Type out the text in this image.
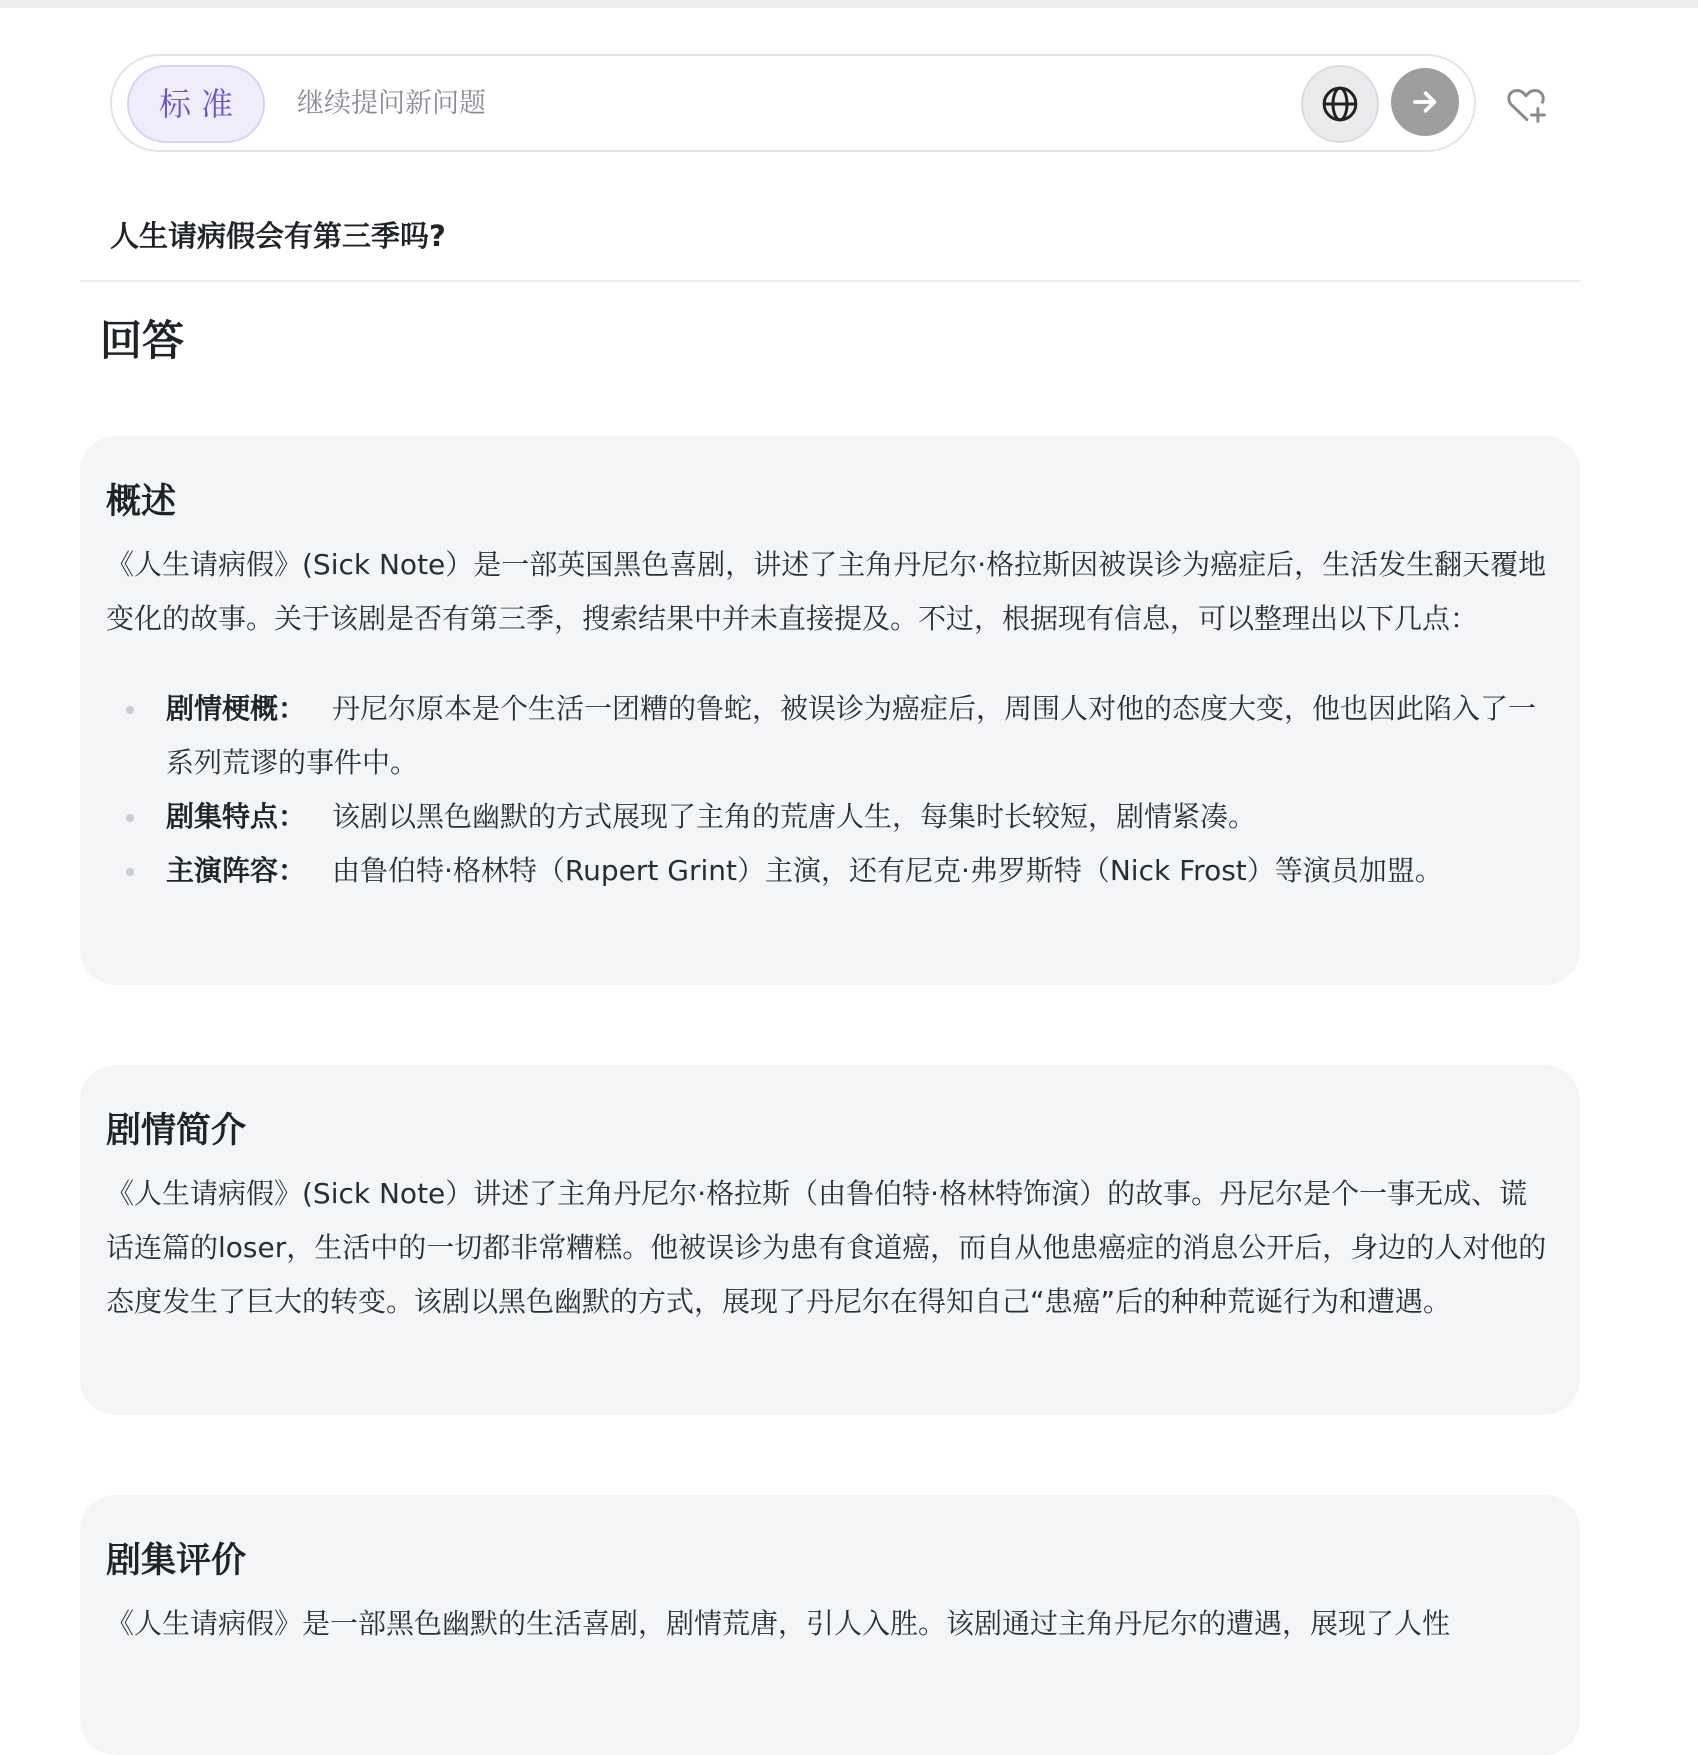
标准
继续提问新问题
人生请病假会有第三季吗?
回答
概述

《人生请病假》(Sick Note）是一部英国黑色喜剧，讲述了主角丹尼尔·格拉斯因被误诊为癌症后，生活发生翻天覆地变化的故事。关于该剧是否有第三季，搜索结果中并未直接提及。不过，根据现有信息，可以整理出以下几点：

剧情梗概： 丹尼尔原本是个生活一团糟的鲁蛇，被误诊为癌症后，周围人对他的态度大变，他也因此陷入了一系列荒谬的事件中。
剧集特点： 该剧以黑色幽默的方式展现了主角的荒唐人生，每集时长较短，剧情紧凑。
主演阵容： 由鲁伯特·格林特（Rupert Grint）主演，还有尼克·弗罗斯特（Nick Frost）等演员加盟。
剧情简介

《人生请病假》(Sick Note）讲述了主角丹尼尔·格拉斯（由鲁伯特·格林特饰演）的故事。丹尼尔是个一事无成、谎话连篇的loser，生活中的一切都非常糟糕。他被误诊为患有食道癌，而自从他患癌症的消息公开后，身边的人对他的态度发生了巨大的转变。该剧以黑色幽默的方式，展现了丹尼尔在得知自己“患癌”后的种种荒诞行为和遭遇。

剧集评价

《人生请病假》是一部黑色幽默的生活喜剧，剧情荒唐，引人入胜。该剧通过主角丹尼尔的遭遇，展现了人性
